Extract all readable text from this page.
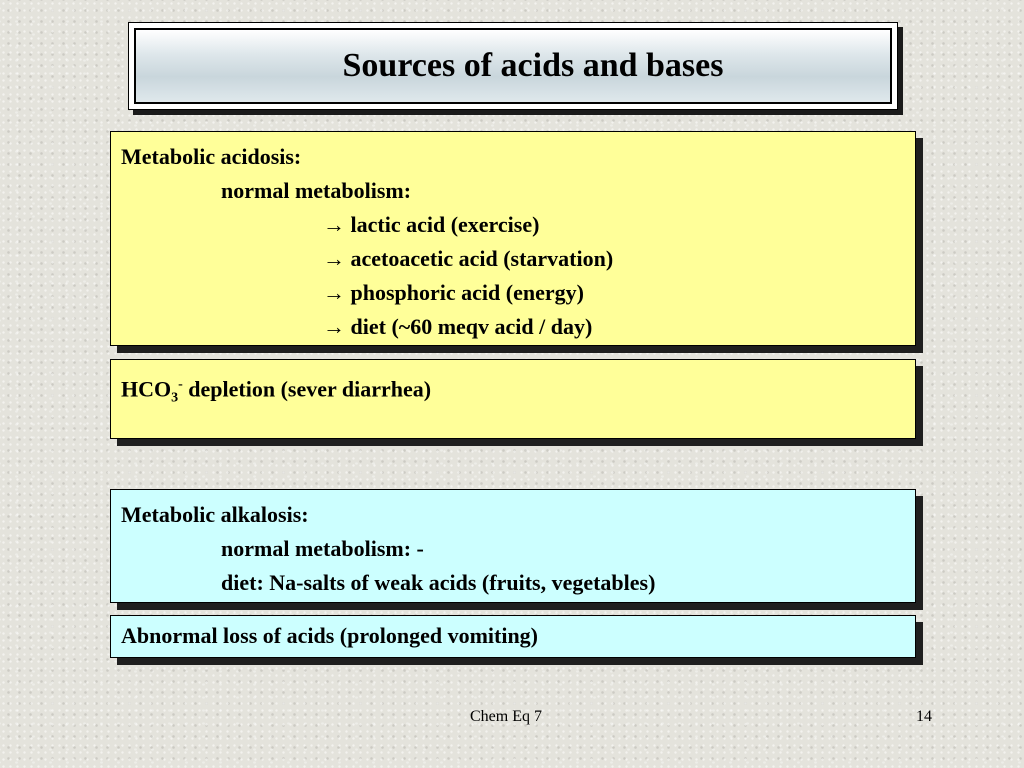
Sources of acids and bases
Metabolic acidosis:
normal metabolism:
→ lactic acid (exercise)
→ acetoacetic acid (starvation)
→ phosphoric acid (energy)
→ diet (~60 meqv acid / day)
$HCO_3^-$ depletion (sever diarrhea)
Metabolic alkalosis:
normal metabolism: -
diet: Na-salts of weak acids (fruits, vegetables)
Abnormal loss of acids (prolonged vomiting)
Chem Eq 7	14
